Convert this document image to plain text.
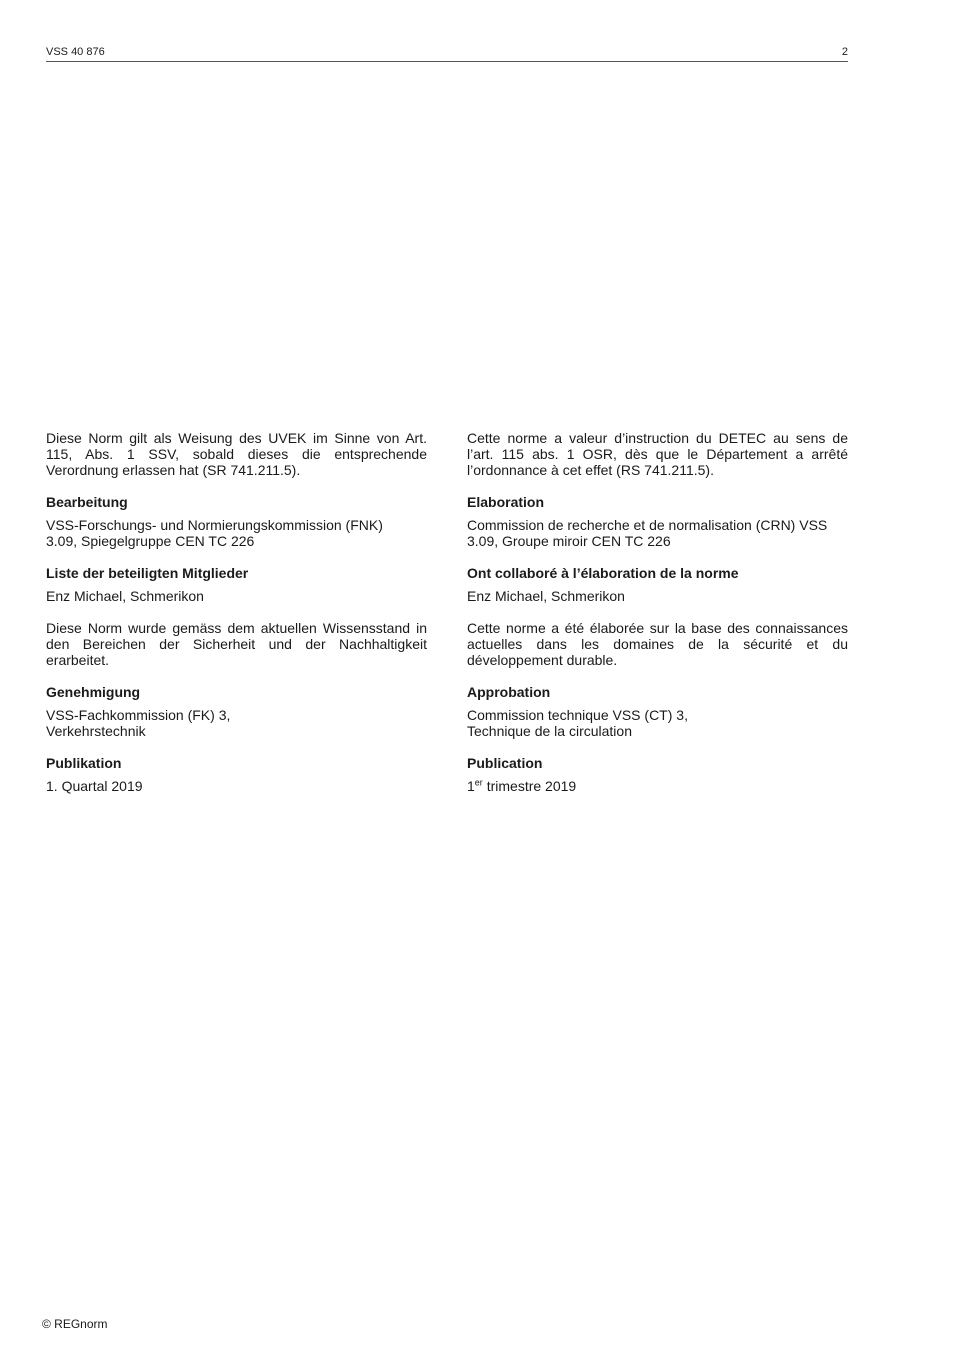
VSS 40 876	2

Diese Norm gilt als Weisung des UVEK im Sinne von Art. 115, Abs. 1 SSV, sobald dieses die entsprechende Verordnung erlassen hat (SR 741.211.5).

Bearbeitung
VSS-Forschungs- und Normierungskommission (FNK)
3.09, Spiegelgruppe CEN TC 226
Liste der beteiligten Mitglieder
Enz Michael, Schmerikon

Diese Norm wurde gemäss dem aktuellen Wissensstand in den Bereichen der Sicherheit und der Nachhaltigkeit erarbeitet.

Genehmigung
VSS-Fachkommission (FK) 3,
Verkehrstechnik
Publikation
1. Quartal 2019

Cette norme a valeur d’instruction du DETEC au sens de l’art. 115 abs. 1 OSR, dès que le Département a arrêté l’ordonnance à cet effet (RS 741.211.5).

Elaboration
Commission de recherche et de normalisation (CRN) VSS
3.09, Groupe miroir CEN TC 226
Ont collaboré à l’élaboration de la norme
Enz Michael, Schmerikon

Cette norme a été élaborée sur la base des connaissances actuelles dans les domaines de la sécurité et du développement durable.

Approbation
Commission technique VSS (CT) 3,
Technique de la circulation
Publication
1er trimestre 2019
© REGnorm
